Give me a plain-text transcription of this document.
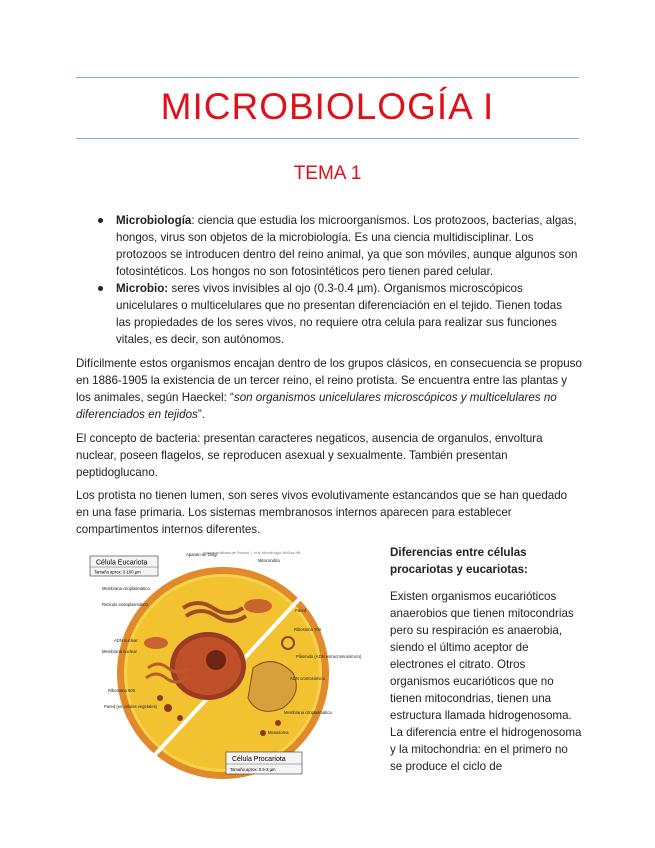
MICROBIOLOGÍA I
TEMA 1
Microbiología: ciencia que estudia los microorganismos. Los protozoos, bacterias, algas, hongos, virus son objetos de la microbiología. Es una ciencia multidisciplinar. Los protozoos se introducen dentro del reino animal, ya que son móviles, aunque algunos son fotosintéticos. Los hongos no son fotosintéticos pero tienen pared celular.
Microbio: seres vivos invisibles al ojo (0.3-0.4 µm). Organismos microscópicos unicelulares o multicelulares que no presentan diferenciación en el tejido. Tienen todas las propiedades de los seres vivos, no requiere otra celula para realizar sus funciones vitales, es decir, son autónomos.

Difícilmente estos organismos encajan dentro de los grupos clásicos, en consecuencia se propuso en 1886-1905 la existencia de un tercer reino, el reino protista. Se encuentra entre las plantas y los animales, según Haeckel: “son organismos unicelulares microscópicos y multicelulares no diferenciados en tejidos”.

El concepto de bacteria: presentan caracteres negaticos, ausencia de organulos, envoltura nuclear, poseen flagelos, se reproducen asexual y sexualmente. También presentan peptidoglucano.

Los protista no tienen lumen, son seres vivos evolutivamente estancandos que se han quedado en una fase primaria. Los sistemas membranosos internos aparecen para establecer compartimentos internos diferentes.

Imagen modificada de: Prescott, L. et al. Microbiología, McGraw-Hill
Célula Eucariota
Tamaño aprox: 2-100 µm
Aparato de Golgi
Mitocondria
Membrana citoplasmática
Retículo endoplasmático
Pared
Ribosoma 70S
ADN nuclear
Membrana nuclear
Plásmido (ADN extracromosómico)
ADN cromosómico
Ribosoma 80S
Pared (en células vegetales)
Membrana citoplasmática
Mesosoma
Célula Procariota
Tamaño aprox: 0.5-3 µm
Diferencias entre células procariotas y eucariotas:

Existen organismos eucarióticos anaerobios que tienen mitocondrias pero su respiración es anaerobia, siendo el último aceptor de electrones el citrato. Otros organismos eucarióticos que no tienen mitocondrias, tienen una estructura llamada hidrogenosoma. La diferencia entre el hidrogenosoma y la mitochondria: en el primero no se produce el ciclo de
